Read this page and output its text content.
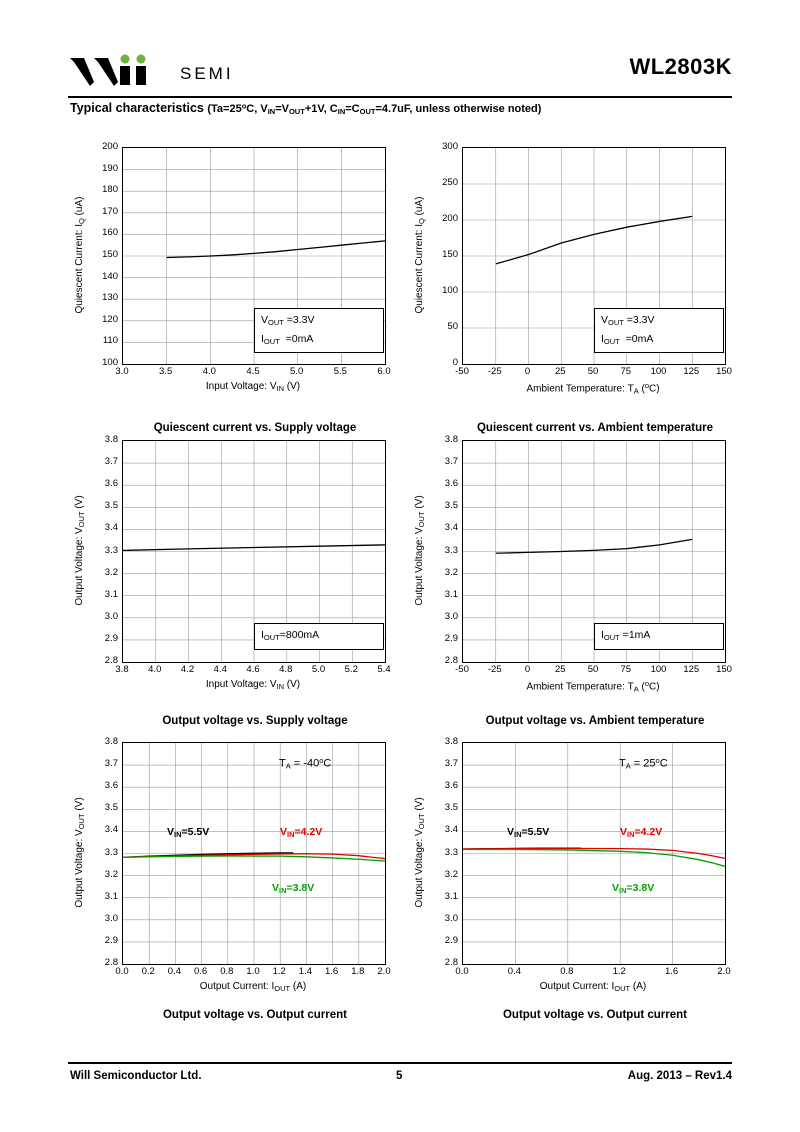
SEMI	WL2803K
Typical characteristics ($Ta=25^oC$, $V_{IN}=V_{OUT}+1V$, $C_{IN}=C_{OUT}=4.7uF$, unless otherwise noted)
200
190
180
170
160
150
140
130
120
110
100
3.0	3.5	4.0	4.5	5.0	5.5	6.0
Input Voltage: $V_{IN}$ (V)
Quiescent Current: $I_Q$ (uA)
Quiescent current vs. Supply voltage
$V_{OUT} =3.3V$
$I_{OUT} =0mA$
300
250
200
150
100
50
0
-50	-25	0	25	50	75	100	125	150
Ambient Temperature: $T_A$ ($^o$C)
Quiescent Current: $I_Q$ (uA)
Quiescent current vs. Ambient temperature
$V_{OUT} =3.3V$
$I_{OUT} =0mA$
3.8
3.7
3.6
3.5
3.4
3.3
3.2
3.1
3.0
2.9
2.8
3.8	4.0	4.2	4.4	4.6	4.8	5.0	5.2	5.4
Input Voltage: $V_{IN}$ (V)
Output Voltage: $V_{OUT}$ (V)
Output voltage vs. Supply voltage
$I_{OUT}=800mA$
3.8
3.7
3.6
3.5
3.4
3.3
3.2
3.1
3.0
2.9
2.8
-50	-25	0	25	50	75	100	125	150
Ambient Temperature: $T_A$ ($^o$C)
Output Voltage: $V_{OUT}$ (V)
Output voltage vs. Ambient temperature
$I_{OUT} =1mA$
3.8
3.7
3.6
3.5
3.4
3.3
3.2
3.1
3.0
2.9
2.8
0.0	0.2	0.4	0.6	0.8	1.0	1.2	1.4	1.6	1.8	2.0
Output Current: $I_{OUT}$ (A)
Output Voltage: $V_{OUT}$ (V)
Output voltage vs. Output current
$T_A = -40^oC$
$V_{IN}=5.5V$	$V_{IN}=4.2V$
$V_{IN}=3.8V$
3.8
3.7
3.6
3.5
3.4
3.3
3.2
3.1
3.0
2.9
2.8
0.0	0.4	0.8	1.2	1.6	2.0
Output Current: $I_{OUT}$ (A)
Output Voltage: $V_{OUT}$ (V)
Output voltage vs. Output current
$T_A = 25^oC$
$V_{IN}=5.5V$	$V_{IN}=4.2V$
$V_{IN}=3.8V$
Will Semiconductor Ltd.	5	Aug. 2013 – Rev1.4
